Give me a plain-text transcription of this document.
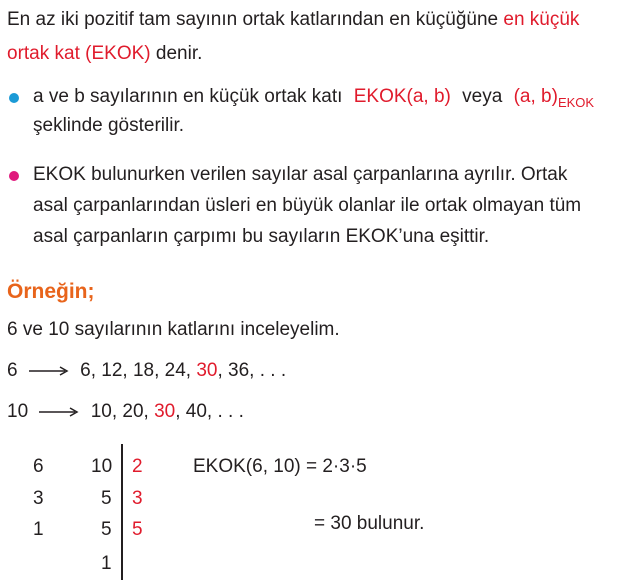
En az iki pozitif tam sayının ortak katlarından en küçüğüne en küçük
ortak kat (EKOK) denir.
a ve b sayılarının en küçük ortak katı EKOK(a, b) veya (a, $b)_{EKOK}$
şeklinde gösterilir.
EKOK bulunurken verilen sayılar asal çarpanlarına ayrılır. Ortak
asal çarpanlarından üsleri en büyük olanlar ile ortak olmayan tüm
asal çarpanların çarpımı bu sayıların EKOK’una eşittir.
Örneğin;
6 ve 10 sayılarının katlarını inceleyelim.
6	6, 12, 18, 24, 30, 36, . . .
10	10, 20, 30, 40, . . .
6
3
1
10
5
5
1
2
3
5
EKOK(6, 10) = 2·3·5
= 30 bulunur.
